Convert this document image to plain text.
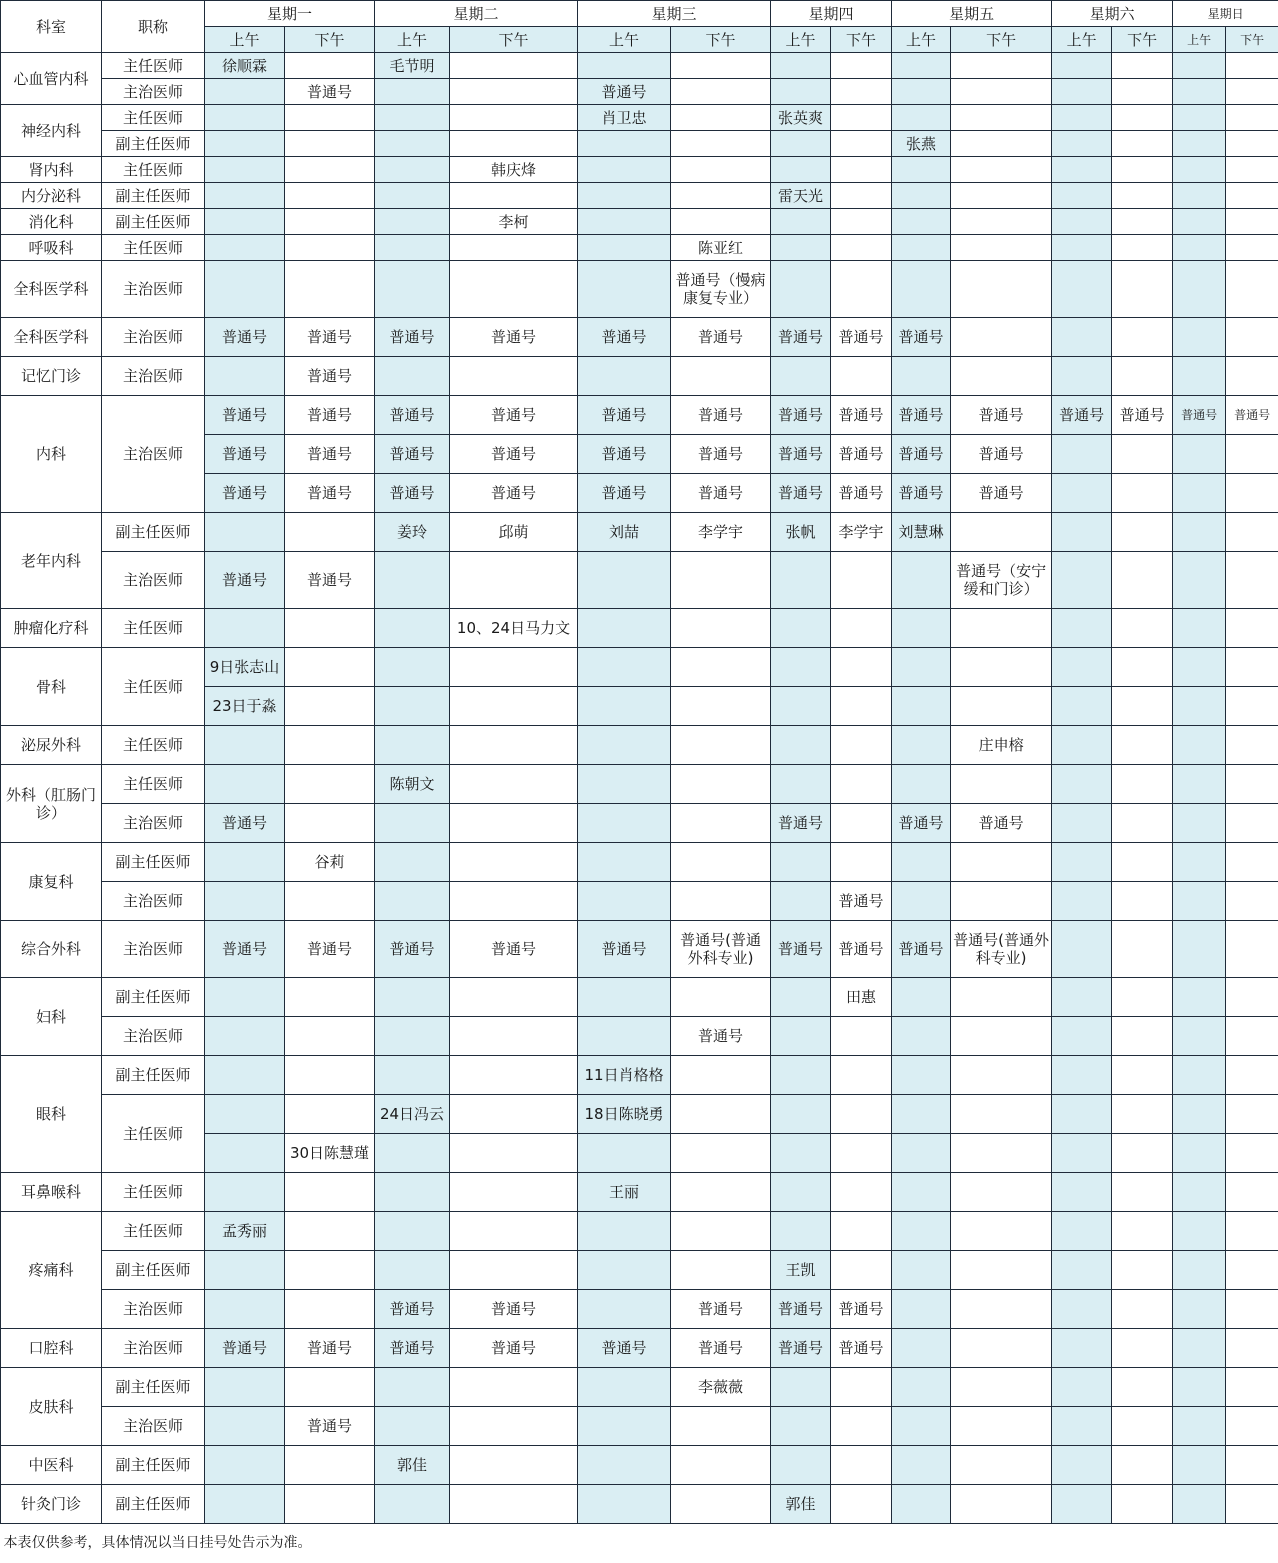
科室	职称	星期一		星期二		星期三		星期四		星期五		星期六		星期日	
		上午	下午	上午	下午	上午	下午	上午	下午	上午	下午	上午	下午	上午	下午
心血管内科	主任医师	徐顺霖		毛节明											
	主治医师		普通号			普通号									
神经内科	主任医师					肖卫忠		张英爽							
	副主任医师									张燕					
肾内科	主任医师				韩庆烽										
内分泌科	副主任医师							雷天光							
消化科	副主任医师				李柯										
呼吸科	主任医师						陈亚红								
全科医学科	主治医师						普通号（慢病康复专业）								
全科医学科	主治医师	普通号	普通号	普通号	普通号	普通号	普通号	普通号	普通号	普通号					
记忆门诊	主治医师		普通号												
内科	主治医师	普通号	普通号	普通号	普通号	普通号	普通号	普通号	普通号	普通号	普通号	普通号	普通号	普通号	普通号
		普通号	普通号	普通号	普通号	普通号	普通号	普通号	普通号	普通号	普通号				
		普通号	普通号	普通号	普通号	普通号	普通号	普通号	普通号	普通号	普通号				
老年内科	副主任医师			姜玲	邱萌	刘喆	李学宇	张帆	李学宇	刘慧琳					
	主治医师	普通号	普通号								普通号（安宁缓和门诊）				
肿瘤化疗科	主任医师				10、24日马力文										
骨科	主任医师	9日张志山													
		23日于淼													
泌尿外科	主任医师										庄申榕				
外科（肛肠门诊）	主任医师			陈朝文											
	主治医师	普通号						普通号		普通号	普通号				
康复科	副主任医师		谷莉												
	主治医师								普通号						
综合外科	主治医师	普通号	普通号	普通号	普通号	普通号	普通号(普通外科专业)	普通号	普通号	普通号	普通号(普通外科专业)				
妇科	副主任医师								田惠						
	主治医师						普通号								
眼科	副主任医师					11日肖格格									
	主任医师			24日冯云		18日陈晓勇									
			30日陈慧瑾												
耳鼻喉科	主任医师					王丽									
疼痛科	主任医师	孟秀丽													
	副主任医师							王凯							
	主治医师			普通号	普通号		普通号	普通号	普通号						
口腔科	主治医师	普通号	普通号	普通号	普通号	普通号	普通号	普通号	普通号						
皮肤科	副主任医师						李薇薇								
	主治医师		普通号												
中医科	副主任医师			郭佳											
针灸门诊	副主任医师							郭佳							
本表仅供参考，具体情况以当日挂号处告示为准。															
